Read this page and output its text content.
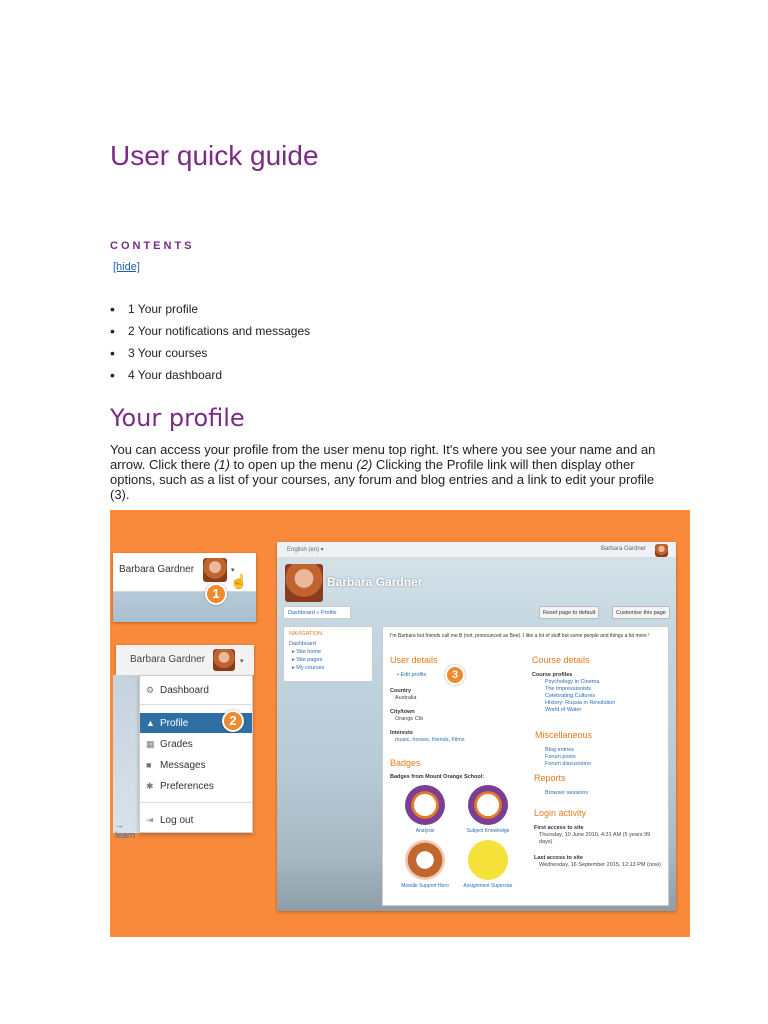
User quick guide
CONTENTS
[hide]
•	1 Your profile
•	2 Your notifications and messages
•	3 Your courses
•	4 Your dashboard
Your profile

You can access your profile from the user menu top right. It's where you see your name and an arrow. Click there (1) to open up the menu (2) Clicking the Profile link will then display other options, such as a list of your courses, any forum and blog entries and a link to edit your profile (3).

Barbara Gardner	▾
☝
1
Barbara Gardner	▾
→ learn
⚙ Dashboard
▲ Profile	2
▦ Grades
■ Messages
✱ Preferences
⇥ Log out
English (en) ▾	Barbara Gardner
Barbara Gardner
Dashboard » Profile	Reset page to default	Customise this page
NAVIGATION
Dashboard
▸ Site home
▸ Site pages
▸ My courses
I'm Barbara but friends call me B (not, pronounced as Bee). I like a lot of stuff but some people and things a bit more !
User details
• Edit profile	3
Country
Australia
City/town
Orange Cib
Interests
music, horses, friends, Films
Badges
Badges from Mount Orange School:
Analysis	Subject Knowledge
Moodle Support Hero	Assignment Superstar
Course details
Course profiles
Psychology in Cinema
The Impressionists
Celebrating Cultures
History: Russia in Revolution
World of Water
Miscellaneous
Blog entries
Forum posts
Forum discussions
Reports
Browser sessions
Login activity
First access to site
Thursday, 10 June 2010, 4:31 AM (5 years 99 days)
Last access to site
Wednesday, 16 September 2015, 12:13 PM (now)
